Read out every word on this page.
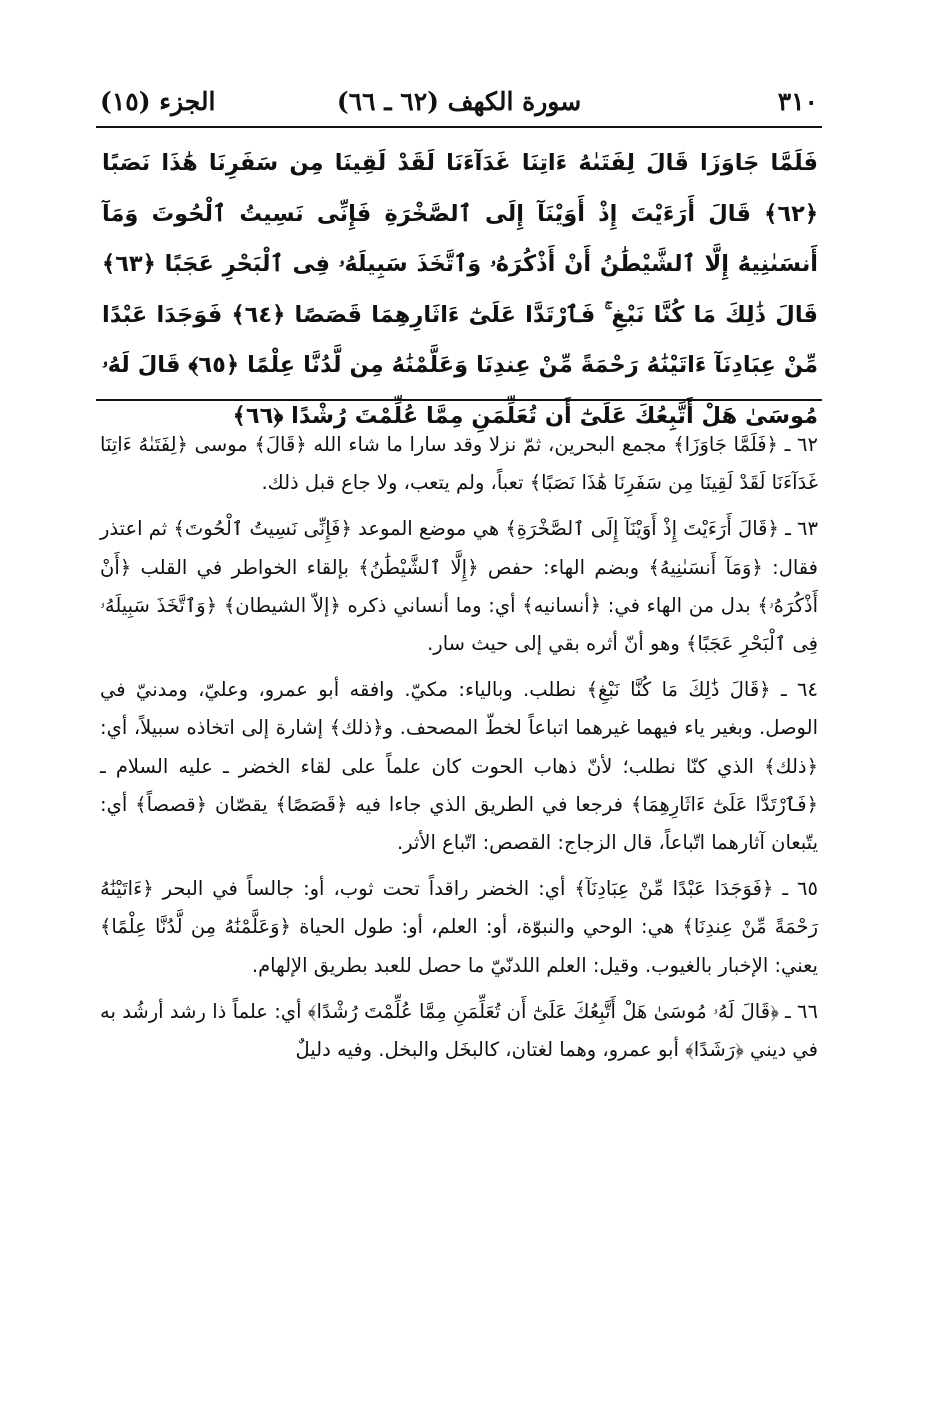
٣١٠
سورة الكهف (٦٢ ـ ٦٦)
الجزء (١٥)
فَلَمَّا جَاوَزَا قَالَ لِفَتَىٰهُ ءَاتِنَا غَدَآءَنَا لَقَدْ لَقِينَا مِن سَفَرِنَا هَٰذَا نَصَبًا ﴿٦٢﴾ قَالَ أَرَءَيْتَ إِذْ أَوَيْنَآ إِلَى ٱلصَّخْرَةِ فَإِنِّى نَسِيتُ ٱلْحُوتَ وَمَآ أَنسَىٰنِيهُ إِلَّا ٱلشَّيْطَٰنُ أَنْ أَذْكُرَهُۥ وَٱتَّخَذَ سَبِيلَهُۥ فِى ٱلْبَحْرِ عَجَبًا ﴿٦٣﴾ قَالَ ذَٰلِكَ مَا كُنَّا نَبْغِ ۚ فَٱرْتَدَّا عَلَىٰٓ ءَاثَارِهِمَا قَصَصًا ﴿٦٤﴾ فَوَجَدَا عَبْدًا مِّنْ عِبَادِنَآ ءَاتَيْنَٰهُ رَحْمَةً مِّنْ عِندِنَا وَعَلَّمْنَٰهُ مِن لَّدُنَّا عِلْمًا ﴿٦٥﴾ قَالَ لَهُۥ مُوسَىٰ هَلْ أَتَّبِعُكَ عَلَىٰٓ أَن تُعَلِّمَنِ مِمَّا عُلِّمْتَ رُشْدًا ﴿٦٦﴾

٦٢ ـ ﴿فَلَمَّا جَاوَزَا﴾ مجمع البحرين، ثمّ نزلا وقد سارا ما شاء الله ﴿قَالَ﴾ موسى ﴿لِفَتَىٰهُ ءَاتِنَا غَدَآءَنَا لَقَدْ لَقِينَا مِن سَفَرِنَا هَٰذَا نَصَبًا﴾ تعباً، ولم يتعب، ولا جاع قبل ذلك.

٦٣ ـ ﴿قَالَ أَرَءَيْتَ إِذْ أَوَيْنَآ إِلَى ٱلصَّخْرَةِ﴾ هي موضع الموعد ﴿فَإِنِّى نَسِيتُ ٱلْحُوتَ﴾ ثم اعتذر فقال: ﴿وَمَآ أَنسَىٰنِيهُ﴾ وبضم الهاء: حفص ﴿إِلَّا ٱلشَّيْطَٰنُ﴾ بإلقاء الخواطر في القلب ﴿أَنْ أَذْكُرَهُۥ﴾ بدل من الهاء في: ﴿أنسانيه﴾ أي: وما أنساني ذكره ﴿إلاّ الشيطان﴾ ﴿وَٱتَّخَذَ سَبِيلَهُۥ فِى ٱلْبَحْرِ عَجَبًا﴾ وهو أنّ أثره بقي إلى حيث سار.

٦٤ ـ ﴿قَالَ ذَٰلِكَ مَا كُنَّا نَبْغِ﴾ نطلب. وبالياء: مكيّ. وافقه أبو عمرو، وعليّ، ومدنيّ في الوصل. وبغير ياء فيهما غيرهما اتباعاً لخطّ المصحف. و﴿ذلك﴾ إشارة إلى اتخاذه سبيلاً، أي: ﴿ذلك﴾ الذي كنّا نطلب؛ لأنّ ذهاب الحوت كان علماً على لقاء الخضر ـ عليه السلام ـ ﴿فَٱرْتَدَّا عَلَىٰٓ ءَاثَارِهِمَا﴾ فرجعا في الطريق الذي جاءا فيه ﴿قَصَصًا﴾ يقصّان ﴿قصصاً﴾ أي: يتّبعان آثارهما اتّباعاً، قال الزجاج: القصص: اتّباع الأثر.

٦٥ ـ ﴿فَوَجَدَا عَبْدًا مِّنْ عِبَادِنَآ﴾ أي: الخضر راقداً تحت ثوب، أو: جالساً في البحر ﴿ءَاتَيْنَٰهُ رَحْمَةً مِّنْ عِندِنَا﴾ هي: الوحي والنبوّة، أو: العلم، أو: طول الحياة ﴿وَعَلَّمْنَٰهُ مِن لَّدُنَّا عِلْمًا﴾ يعني: الإخبار بالغيوب. وقيل: العلم اللدنّيّ ما حصل للعبد بطريق الإلهام.

٦٦ ـ ﴿قَالَ لَهُۥ مُوسَىٰ هَلْ أَتَّبِعُكَ عَلَىٰٓ أَن تُعَلِّمَنِ مِمَّا عُلِّمْتَ رُشْدًا﴾ أي: علماً ذا رشد أرشُد به في ديني ﴿رَشَدًا﴾ أبو عمرو، وهما لغتان، كالبخَل والبخل. وفيه دليلٌ
